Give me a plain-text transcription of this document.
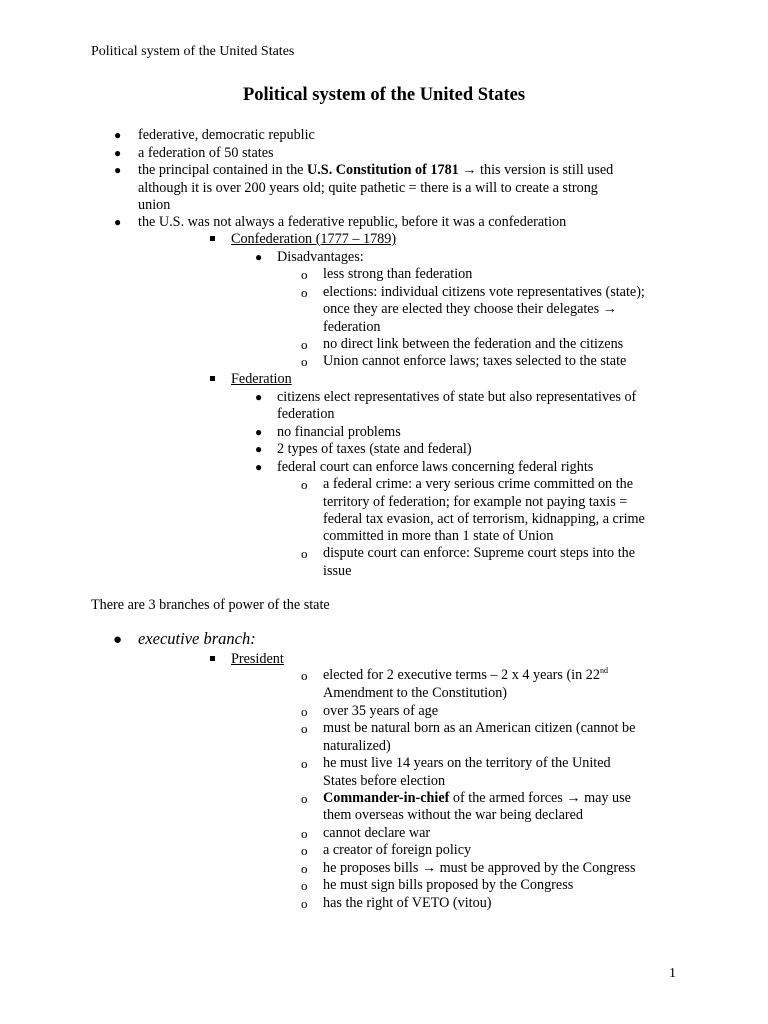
Political system of the United States
Political system of the United States
● federative, democratic republic
● a federation of 50 states
● the principal contained in the U.S. Constitution of 1781 → this version is still used
although it is over 200 years old; quite pathetic = there is a will to create a strong
union
● the U.S. was not always a federative republic, before it was a confederation
Confederation (1777 – 1789)
● Disadvantages:
o less strong than federation
o elections: individual citizens vote representatives (state);
once they are elected they choose their delegates →
federation
o no direct link between the federation and the citizens
o Union cannot enforce laws; taxes selected to the state
Federation
● citizens elect representatives of state but also representatives of
federation
● no financial problems
● 2 types of taxes (state and federal)
● federal court can enforce laws concerning federal rights
o a federal crime: a very serious crime committed on the
territory of federation; for example not paying taxis =
federal tax evasion, act of terrorism, kidnapping, a crime
committed in more than 1 state of Union
o dispute court can enforce: Supreme court steps into the
issue
There are 3 branches of power of the state
● executive branch:
President
o elected for 2 executive terms – 2 x 4 years (in 22nd
Amendment to the Constitution)
o over 35 years of age
o must be natural born as an American citizen (cannot be
naturalized)
o he must live 14 years on the territory of the United
States before election
o Commander-in-chief of the armed forces → may use
them overseas without the war being declared
o cannot declare war
o a creator of foreign policy
o he proposes bills → must be approved by the Congress
o he must sign bills proposed by the Congress
o has the right of VETO (vitou)
1
